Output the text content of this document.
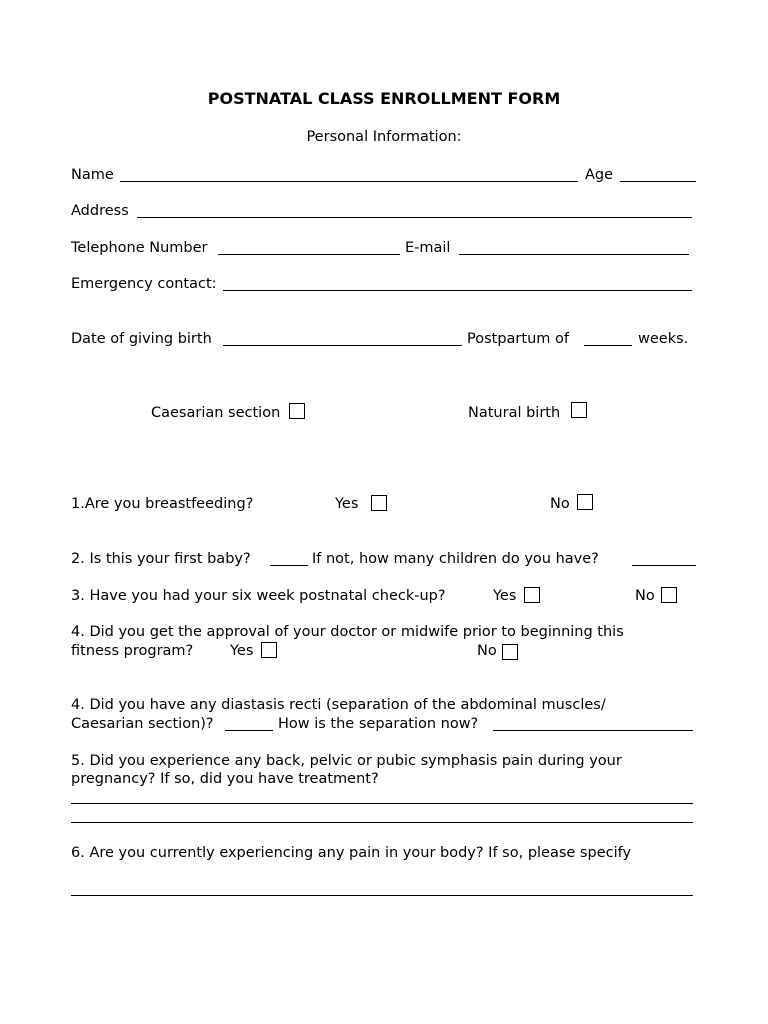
POSTNATAL CLASS ENROLLMENT FORM
Personal Information:
Name	Age
Address
Telephone Number	E-mail
Emergency contact:
Date of giving birth	Postpartum of	weeks.
Caesarian section	Natural birth
1.Are you breastfeeding?	Yes	No
2. Is this your first baby?	If not, how many children do you have?
3. Have you had your six week postnatal check-up?	Yes	No
4. Did you get the approval of your doctor or midwife prior to beginning this
fitness program?	Yes	No
4. Did you have any diastasis recti (separation of the abdominal muscles/
Caesarian section)?	How is the separation now?
5. Did you experience any back, pelvic or pubic symphasis pain during your
pregnancy? If so, did you have treatment?
6. Are you currently experiencing any pain in your body? If so, please specify
